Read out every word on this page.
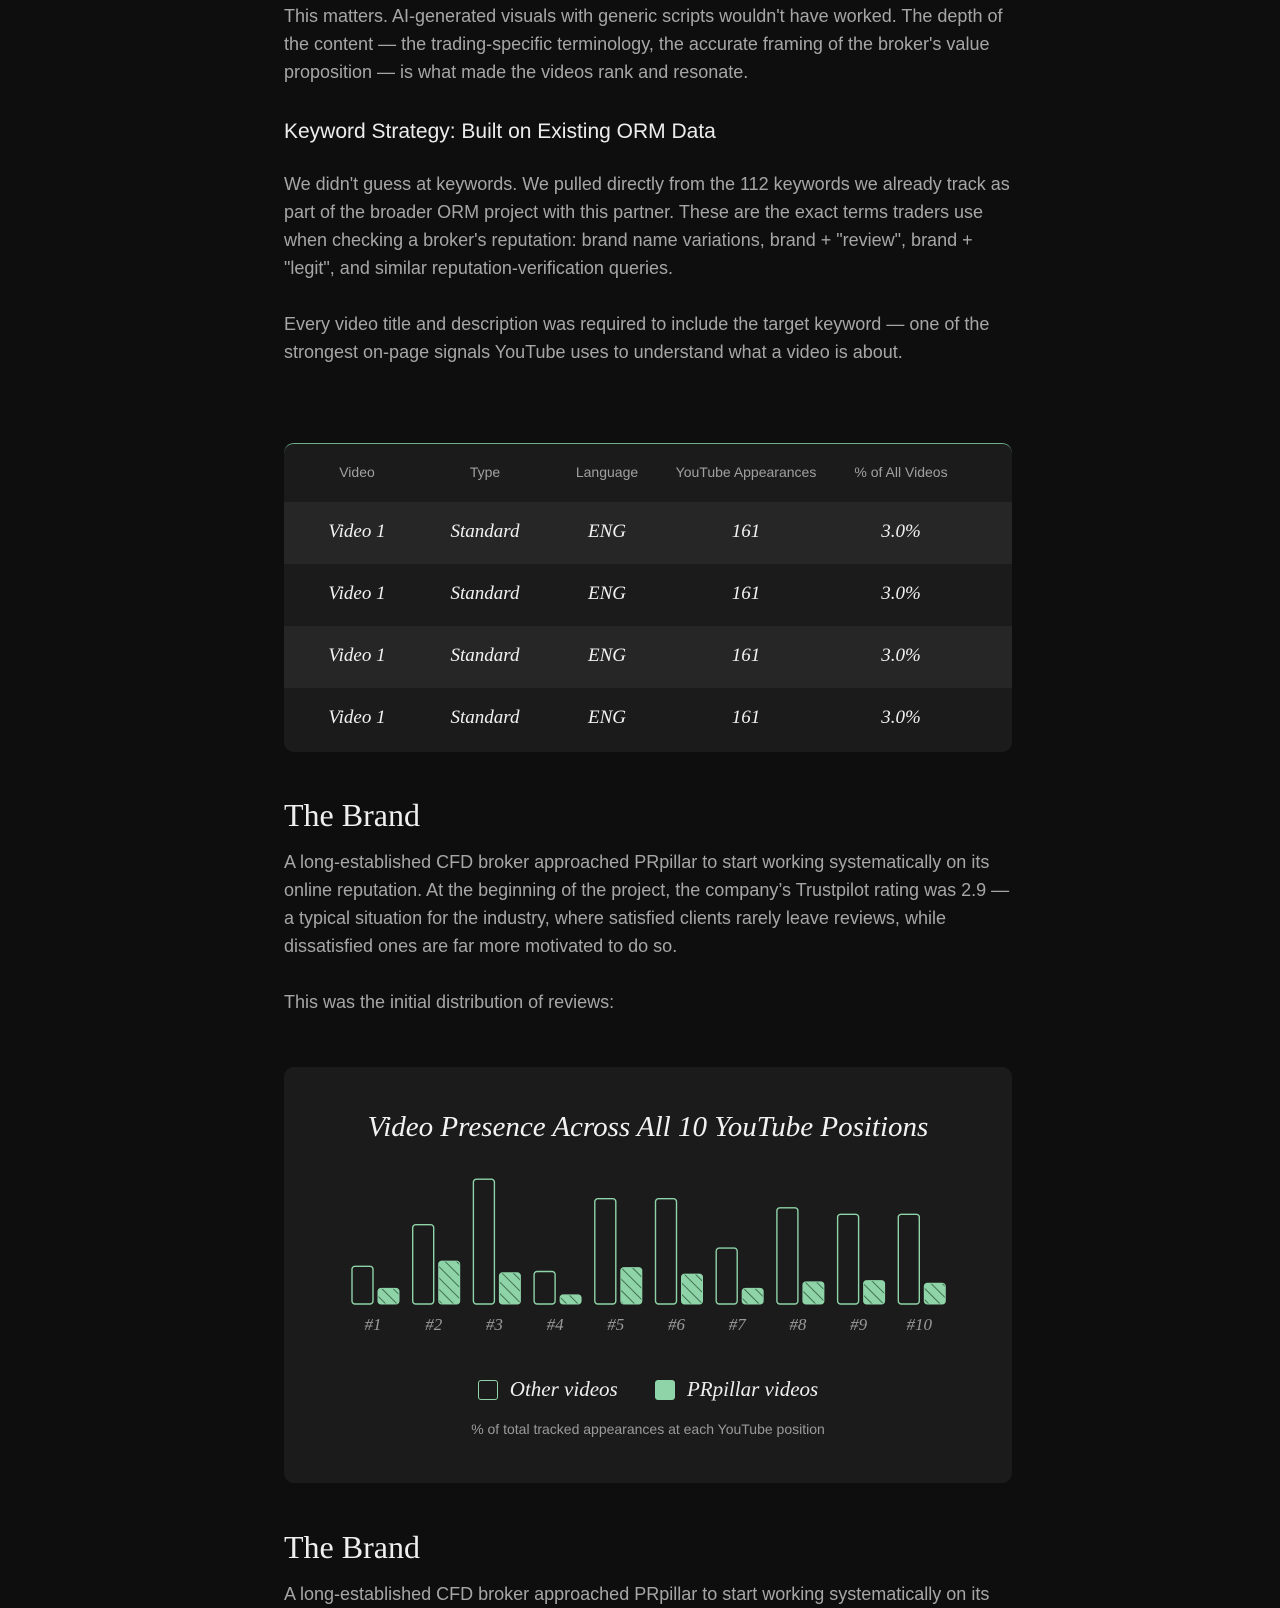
This matters. AI-generated visuals with generic scripts wouldn't have worked. The depth of the content — the trading-specific terminology, the accurate framing of the broker's value proposition — is what made the videos rank and resonate.

Keyword Strategy: Built on Existing ORM Data

We didn't guess at keywords. We pulled directly from the 112 keywords we already track as part of the broader ORM project with this partner. These are the exact terms traders use when checking a broker's reputation: brand name variations, brand + "review", brand + "legit", and similar reputation-verification queries.

Every video title and description was required to include the target keyword — one of the strongest on-page signals YouTube uses to understand what a video is about.

Video	Type	Language	YouTube Appearances	% of All Videos
Video 1	Standard	ENG	161	3.0%
Video 1	Standard	ENG	161	3.0%
Video 1	Standard	ENG	161	3.0%
Video 1	Standard	ENG	161	3.0%
The Brand

A long-established CFD broker approached PRpillar to start working systematically on its online reputation. At the beginning of the project, the company’s Trustpilot rating was 2.9 — a typical situation for the industry, where satisfied clients rarely leave reviews, while dissatisfied ones are far more motivated to do so.

This was the initial distribution of reviews:

Video Presence Across All 10 YouTube Positions
#1	#2	#3	#4	#5	#6	#7	#8	#9 #10
Other videos
	PRpillar videos
% of total tracked appearances at each YouTube position
The Brand

A long-established CFD broker approached PRpillar to start working systematically on its
